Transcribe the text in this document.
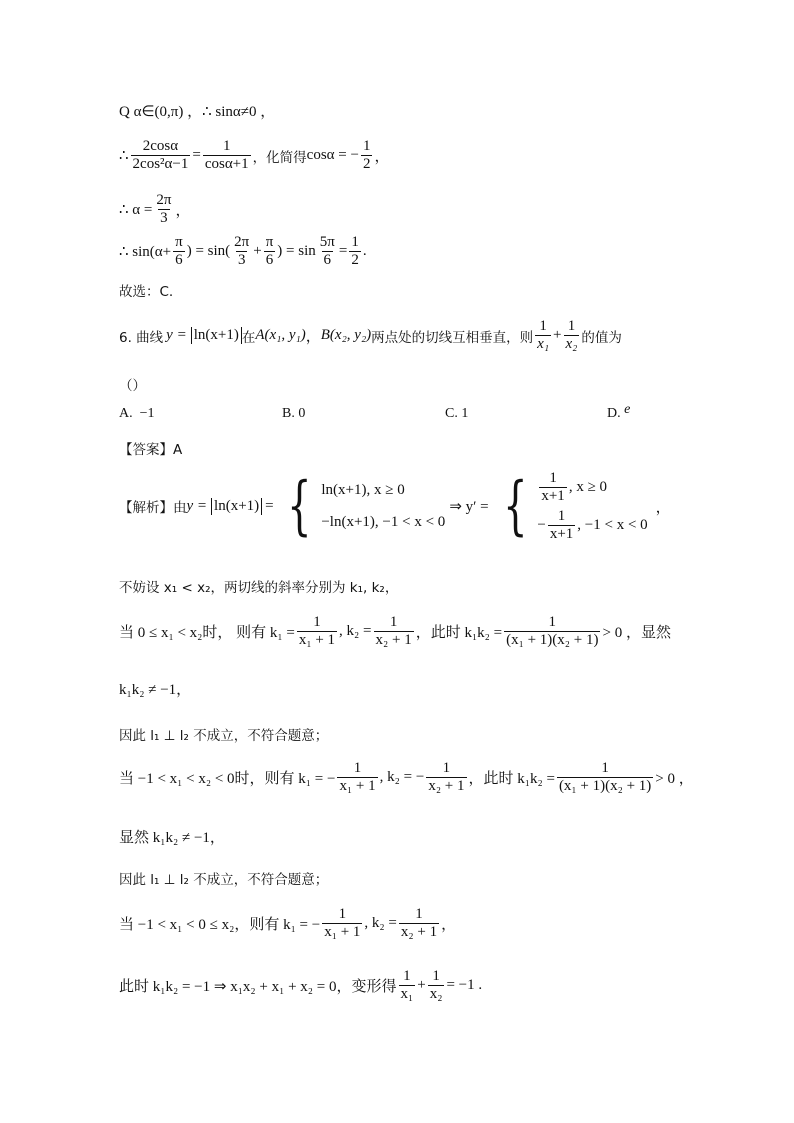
Q α∈(0,π) ，∴ sinα≠0 ，
∴ $\frac{2\cos\alpha}{\text{2cos²α−1}} = \frac{1}{\cos\alpha+1}$ ，化简得 cosα = − $\frac{1}{2}$ ，
∴ $\alpha = \frac{2\pi}{3}$ ，
∴ $\sin(\alpha+ \frac{\pi}{6}$ ) = $\sin( \frac{2\pi}{3} + \frac{\pi}{6}$ ) = $\sin \frac{5\pi}{6} = \frac{1}{2}$ .
故选：C.
6. 曲线 y = ln(x+1) 在 A(x₁, y₁) ， B(x₂, y₂) 两点处的切线互相垂直，则 $\frac{1}{\text{x₁}} + \frac{1}{\text{x₂}}$ 的值为
（）
A. −1	B. 0	C. 1	D. e
【答案】A
【解析】由 y = ln(x+1) = { ln(x+1), x ≥ 0
−ln(x+1), −1 < x < 0
⇒ y′ = { $\frac{1}{x+1}$ , x ≥ 0
− $\frac{1}{x+1}$ , −1 < x < 0
，
不妨设 x₁ < x₂，两切线的斜率分别为 k₁, k₂，
当 0 ≤ x₁ < x₂时， 则有 $k_1 = \frac{1}{\text{x₁ + 1}}$ , $k_2 = \frac{1}{\text{x₂ + 1}}$ ，此时 $k_1k_2 = \frac{1}{\text{(x₁ + 1)(x₂ + 1)}} > 0$ ，显然
k₁k₂ ≠ −1，
因此 l₁ ⊥ l₂ 不成立，不符合题意；
当 −1 < x₁ < x₂ < 0时，则有 k₁ = − $\frac{1}{\text{x₁ + 1}}$ , k₂ = − $\frac{1}{\text{x₂ + 1}}$ ，此时 $k_1k_2 = \frac{1}{\text{(x₁ + 1)(x₂ + 1)}} > 0$ ，
显然 k₁k₂ ≠ −1，
因此 l₁ ⊥ l₂ 不成立，不符合题意；
当 −1 < x₁ < 0 ≤ x₂，则有 k₁ = − $\frac{1}{\text{x₁ + 1}}$ , $k_2 = \frac{1}{\text{x₂ + 1}}$ ，
此时 k₁k₂ = −1 ⇒ x₁x₂ + x₁ + x₂ = 0，变形得 $\frac{1}{\text{x₁}} + \frac{1}{\text{x₂}} = -1$ .
